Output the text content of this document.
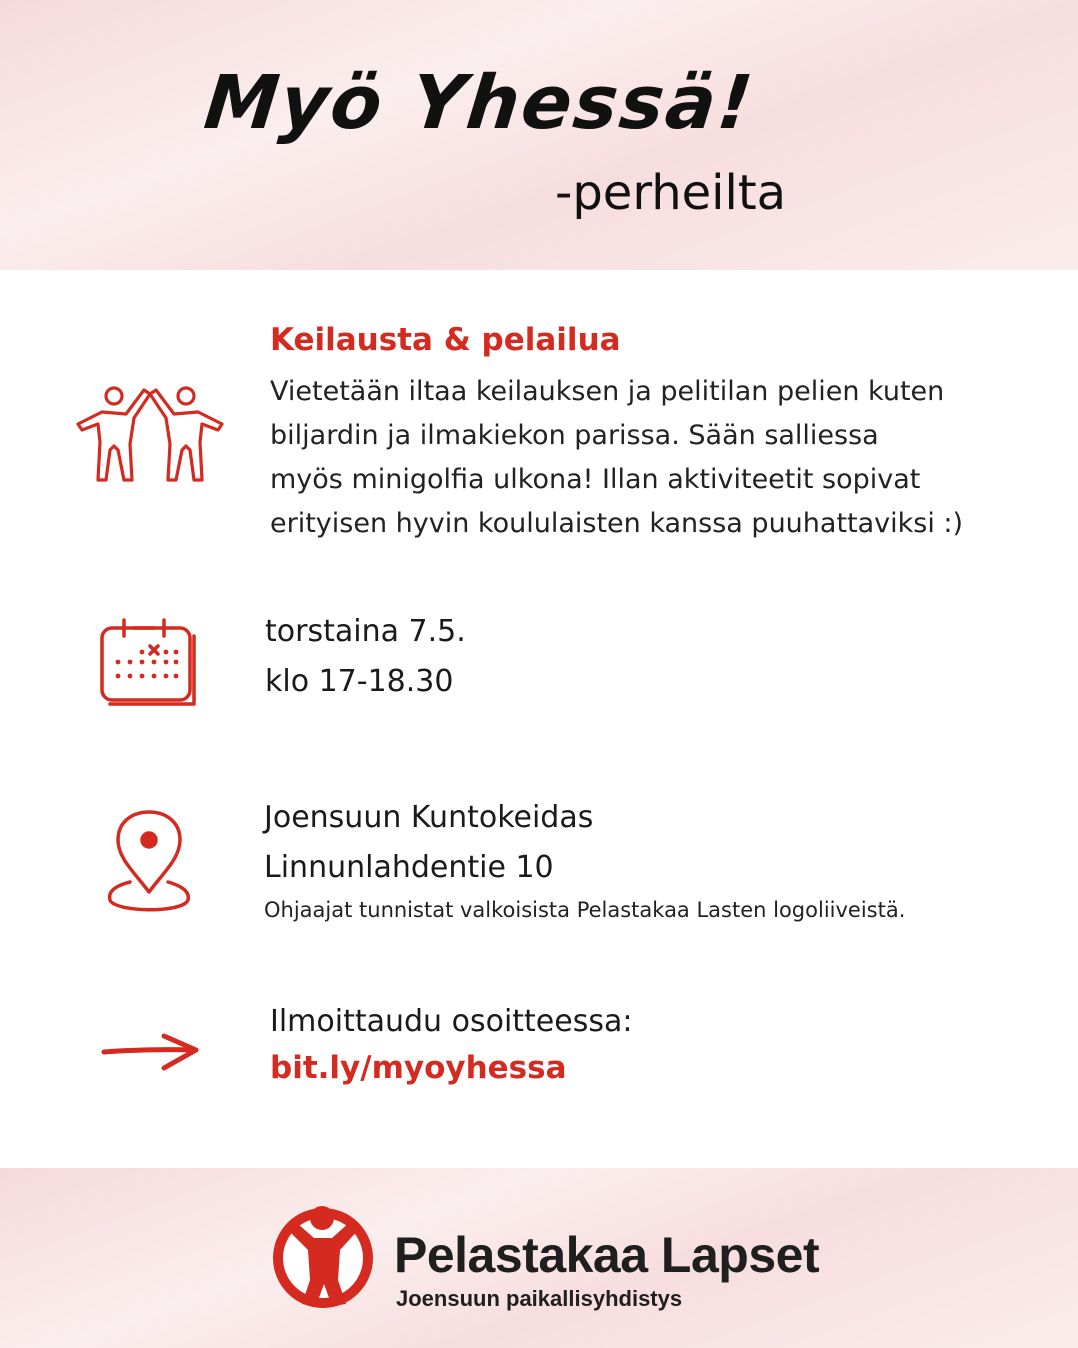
Myö Yhessä!
-perheilta
Keilausta & pelailua
Vietetään iltaa keilauksen ja pelitilan pelien kuten
biljardin ja ilmakiekon parissa. Sään salliessa
myös minigolfia ulkona! Illan aktiviteetit sopivat
erityisen hyvin koululaisten kanssa puuhattaviksi :)
torstaina 7.5.
klo 17-18.30
Joensuun Kuntokeidas
Linnunlahdentie 10
Ohjaajat tunnistat valkoisista Pelastakaa Lasten logoliiveistä.
Ilmoittaudu osoitteessa:
bit.ly/myoyhessa
Pelastakaa Lapset
Joensuun paikallisyhdistys
